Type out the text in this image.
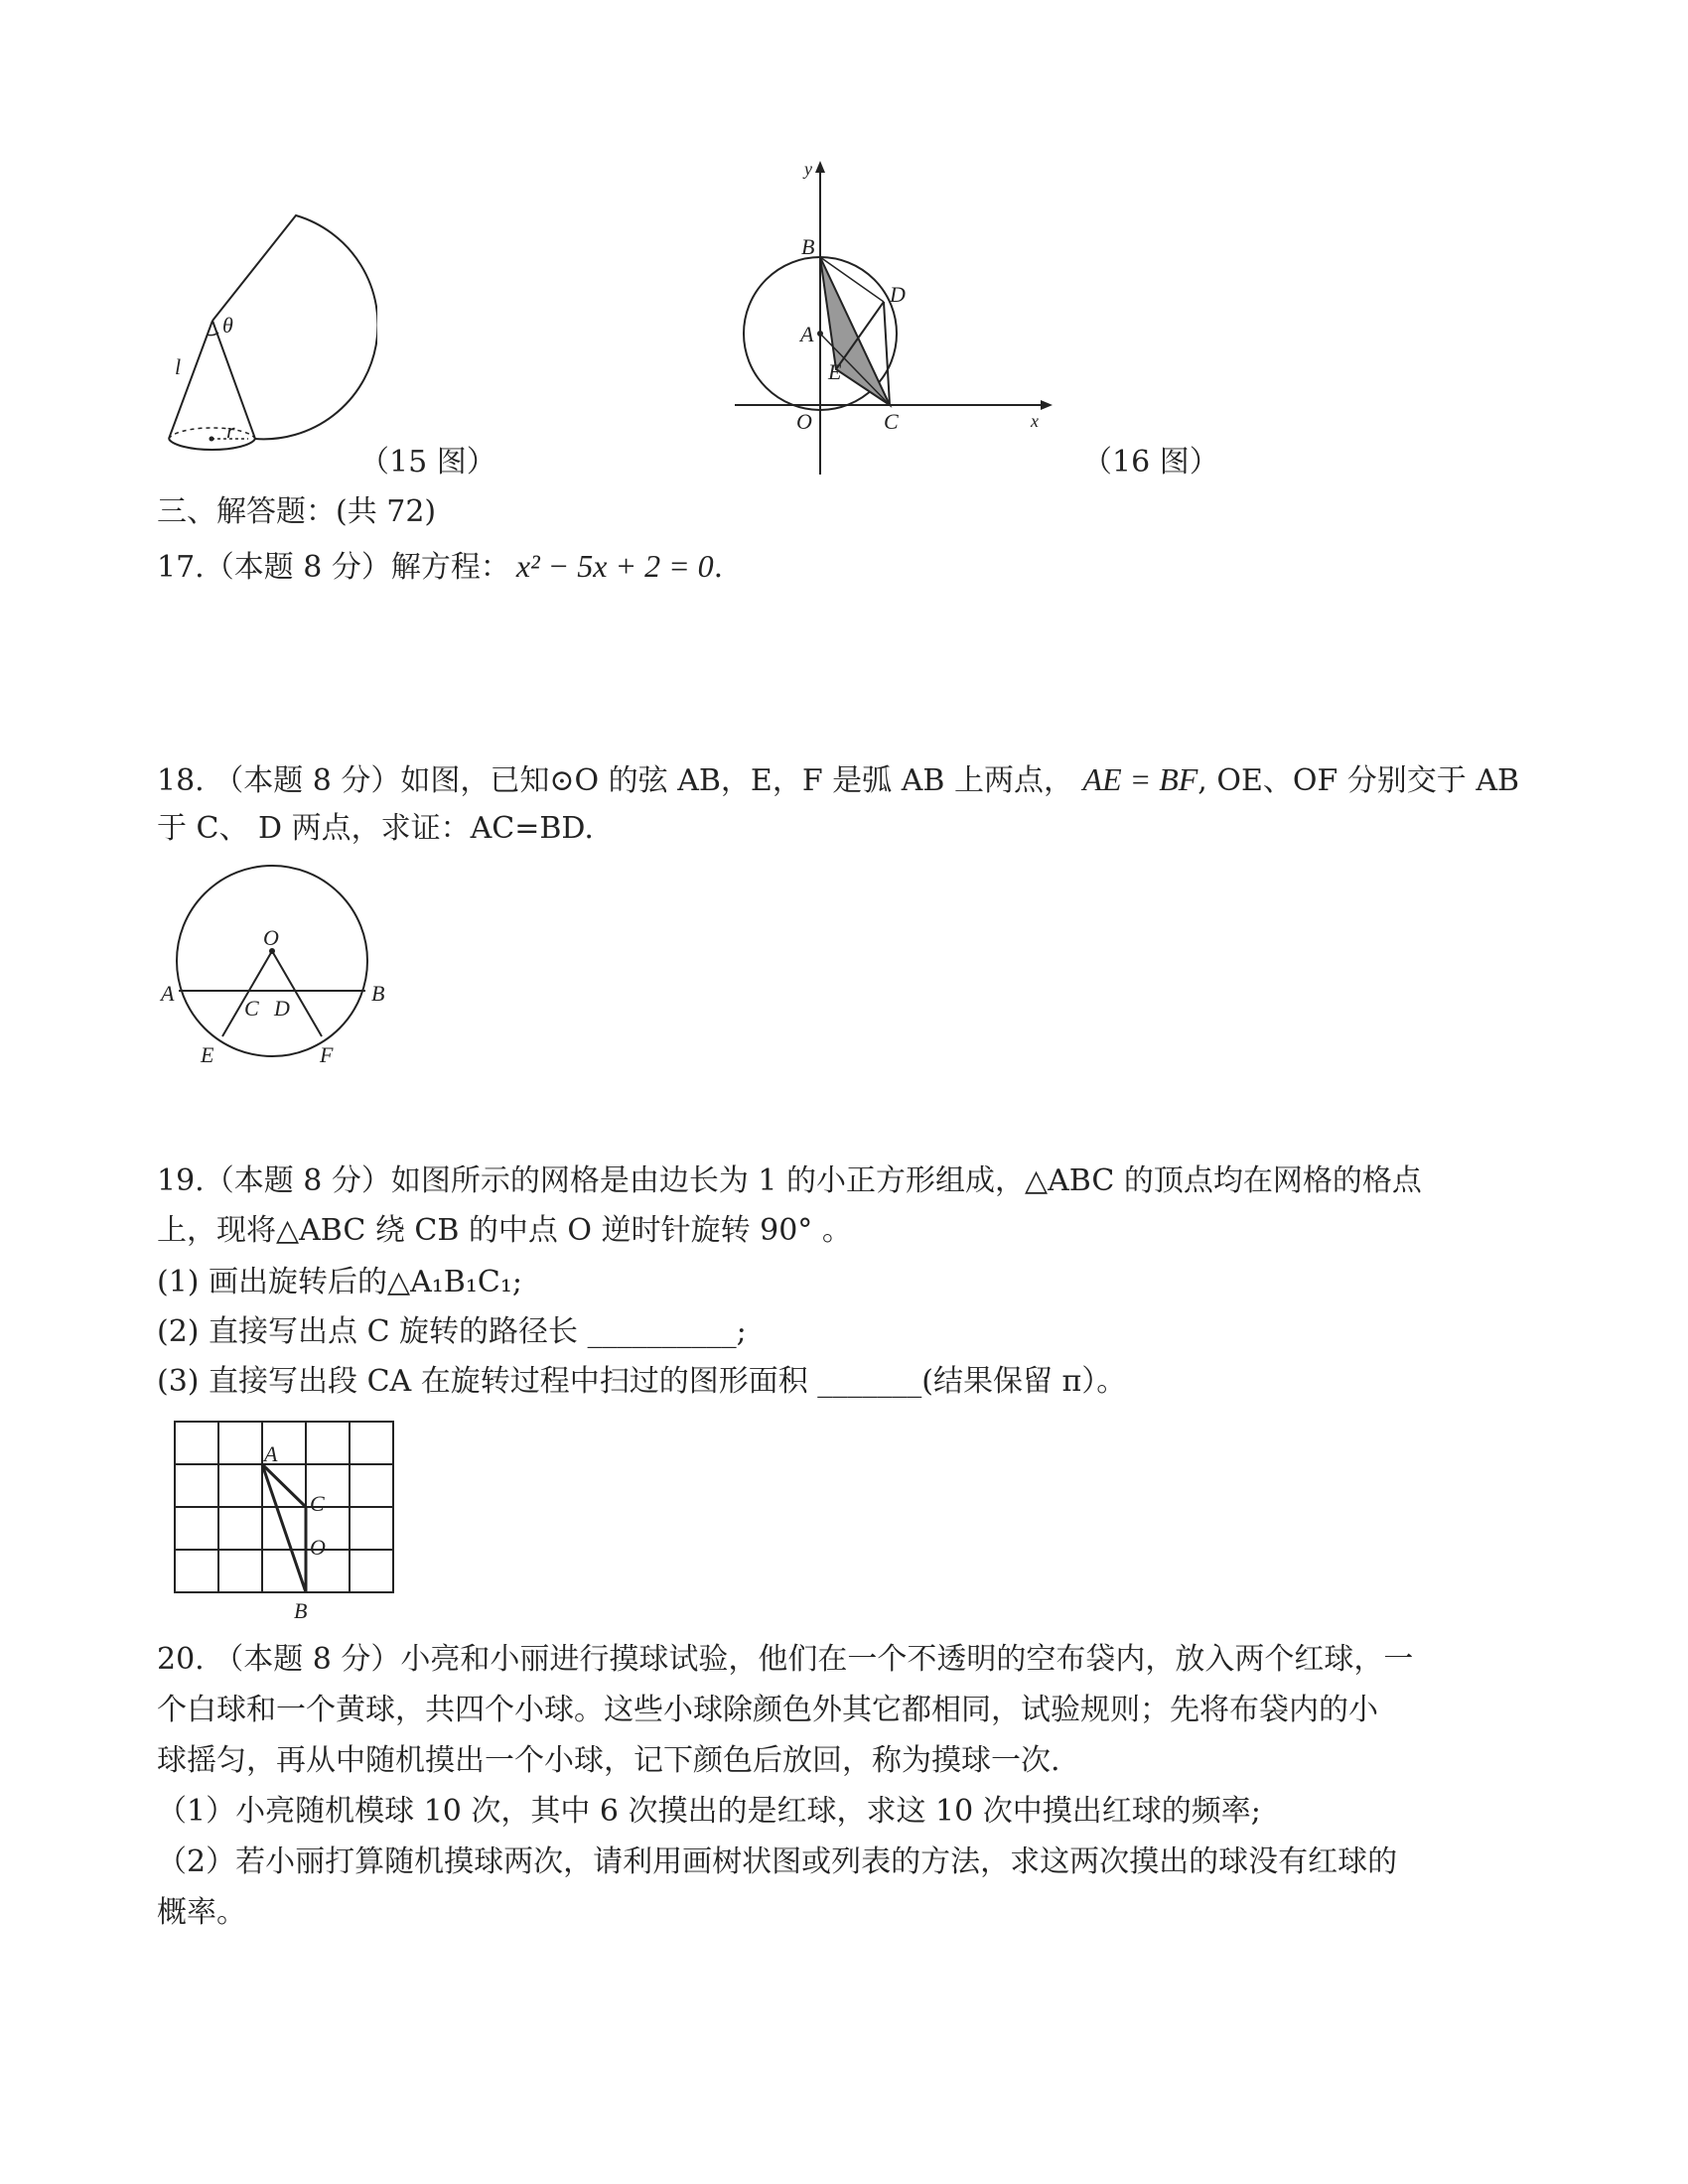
θ
l
r
（15 图）
y
x
B
A
D
E
O	C
（16 图）
三、解答题：(共 72)
17.（本题 8 分）解方程： x² − 5x + 2 = 0.
18. （本题 8 分）如图，已知⊙O 的弦 AB，E，F 是弧 AB 上两点， AE = BF, OE、OF 分别交于 AB
于 C、 D 两点，求证：AC=BD.
O
A	B
C D
E	F
19.（本题 8 分）如图所示的网格是由边长为 1 的小正方形组成，△ABC 的顶点均在网格的格点
上，现将△ABC 绕 CB 的中点 O 逆时针旋转 90° 。
(1) 画出旋转后的△A₁B₁C₁;
(2) 直接写出点 C 旋转的路径长 __________;
(3) 直接写出段 CA 在旋转过程中扫过的图形面积 _______(结果保留 π）。
A
C
O
B
20. （本题 8 分）小亮和小丽进行摸球试验，他们在一个不透明的空布袋内，放入两个红球，一
个白球和一个黄球，共四个小球。这些小球除颜色外其它都相同，试验规则；先将布袋内的小
球摇匀，再从中随机摸出一个小球，记下颜色后放回，称为摸球一次.
（1）小亮随机模球 10 次，其中 6 次摸出的是红球，求这 10 次中摸出红球的频率;
（2）若小丽打算随机摸球两次，请利用画树状图或列表的方法，求这两次摸出的球没有红球的
概率。
